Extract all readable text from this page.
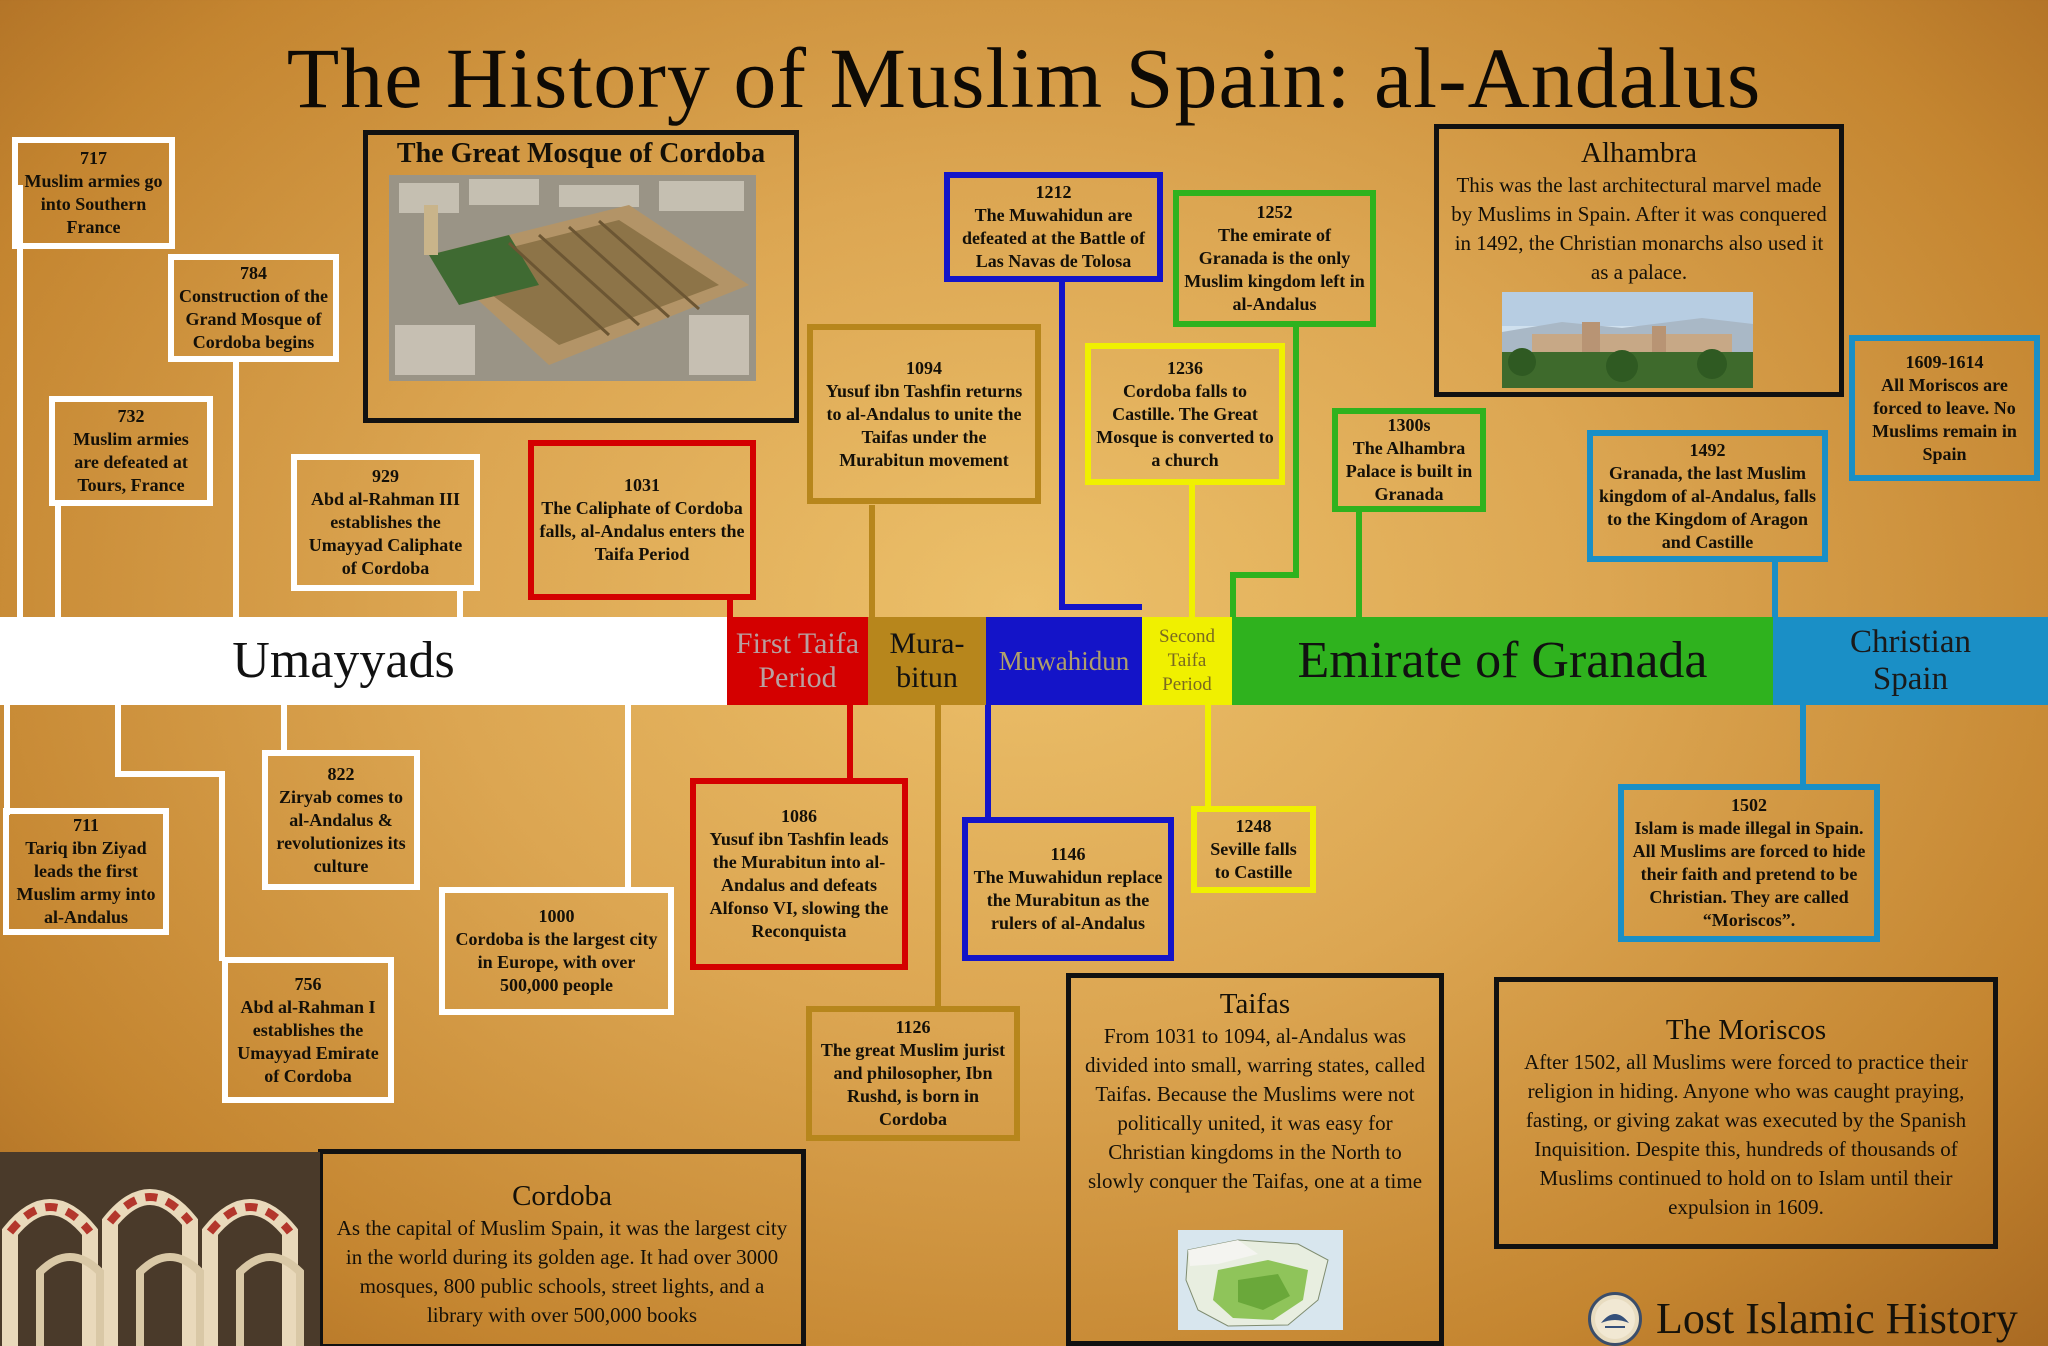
The History of Muslim Spain: al-Andalus
Umayyads	First Taifa Period
Mura-bitun
Muwahidun
Second Taifa Period	Emirate of Granada	Christian Spain
717
Muslim armies go into Southern France
784
Construction of the Grand Mosque of Cordoba begins
732
Muslim armies are defeated at Tours, France	929
Abd al-Rahman III establishes the Umayyad Caliphate of Cordoba
1031
The Caliphate of Cordoba falls, al-Andalus enters the Taifa Period
1094
Yusuf ibn Tashfin returns to al-Andalus to unite the Taifas under the Murabitun movement
1212
The Muwahidun are defeated at the Battle of Las Navas de Tolosa
1252
The emirate of Granada is the only Muslim kingdom left in al-Andalus
1236
Cordoba falls to Castille. The Great Mosque is converted to a church
1300s
The Alhambra Palace is built in Granada
1492
Granada, the last Muslim kingdom of al-Andalus, falls to the Kingdom of Aragon and Castille
1609-1614
All Moriscos are forced to leave. No Muslims remain in Spain
711
Tariq ibn Ziyad leads the first Muslim army into al-Andalus
822
Ziryab comes to al-Andalus & revolutionizes its culture
756
Abd al-Rahman I establishes the Umayyad Emirate of Cordoba
1000
Cordoba is the largest city in Europe, with over 500,000 people
1086
Yusuf ibn Tashfin leads the Murabitun into al-Andalus and defeats Alfonso VI, slowing the Reconquista
1126
The great Muslim jurist and philosopher, Ibn Rushd, is born in Cordoba
1146
The Muwahidun replace the Murabitun as the rulers of al-Andalus
1248
Seville falls to Castille
1502
Islam is made illegal in Spain. All Muslims are forced to hide their faith and pretend to be Christian. They are called “Moriscos”.
The Great Mosque of Cordoba	Alhambra
This was the last architectural marvel made by Muslims in Spain. After it was conquered in 1492, the Christian monarchs also used it as a palace.
Cordoba
As the capital of Muslim Spain, it was the largest city in the world during its golden age. It had over 3000 mosques, 800 public schools, street lights, and a library with over 500,000 books
Taifas
From 1031 to 1094, al-Andalus was divided into small, warring states, called Taifas. Because the Muslims were not politically united, it was easy for Christian kingdoms in the North to slowly conquer the Taifas, one at a time
The Moriscos
After 1502, all Muslims were forced to practice their religion in hiding. Anyone who was caught praying, fasting, or giving zakat was executed by the Spanish Inquisition. Despite this, hundreds of thousands of Muslims continued to hold on to Islam until their expulsion in 1609.
Lost Islamic History
